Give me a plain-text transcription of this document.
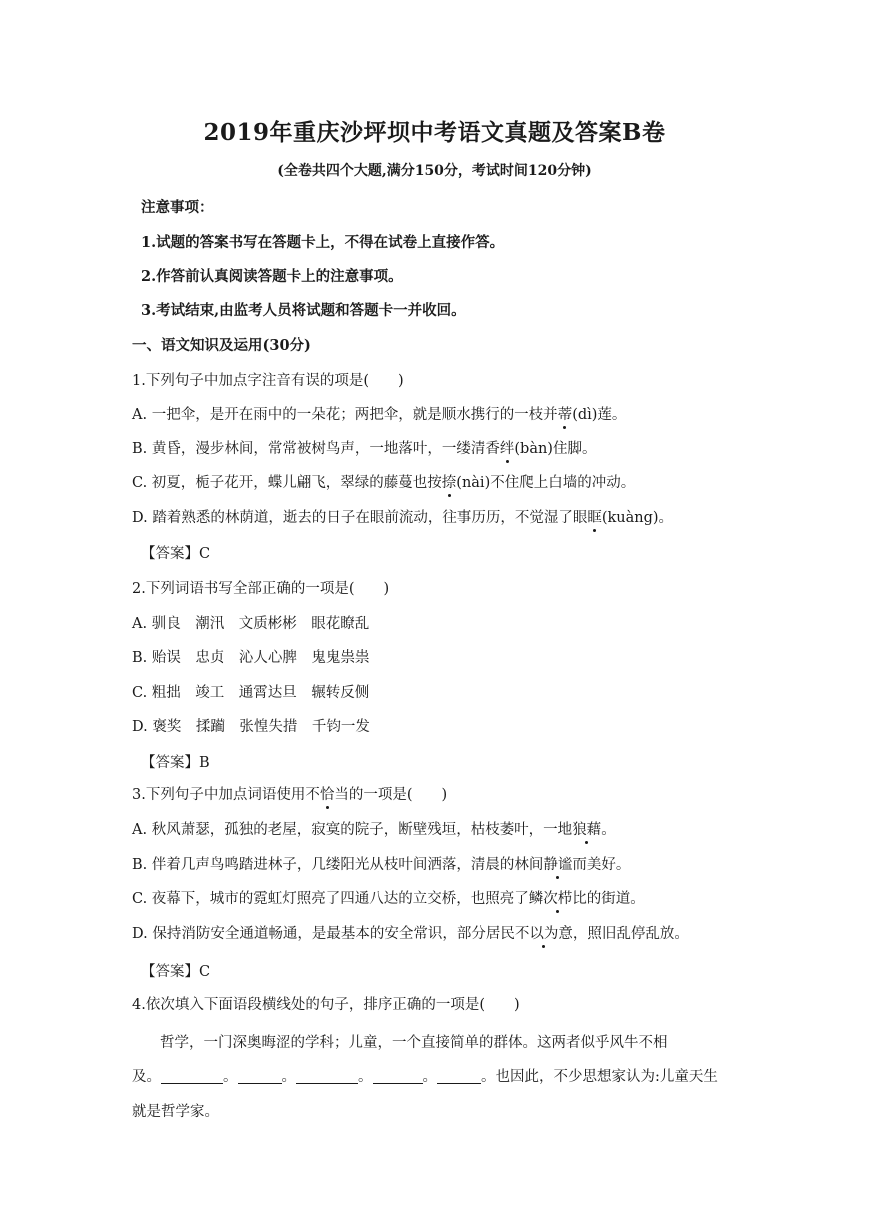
2019年重庆沙坪坝中考语文真题及答案B卷
(全卷共四个大题,满分150分，考试时间120分钟)
注意事项：
1.试题的答案书写在答题卡上，不得在试卷上直接作答。
2.作答前认真阅读答题卡上的注意事项。
3.考试结束,由监考人员将试题和答题卡一并收回。
一、语文知识及运用(30分)
1.下列句子中加点字注音有误的项是(　　)
A. 一把伞，是开在雨中的一朵花；两把伞，就是顺水携行的一枝并蒂(dì)莲。
B. 黄昏，漫步林间，常常被树鸟声，一地落叶，一缕清香绊(bàn)住脚。
C. 初夏，栀子花开，蝶儿翩飞，翠绿的藤蔓也按捺(nài)不住爬上白墙的冲动。
D. 踏着熟悉的林荫道，逝去的日子在眼前流动，往事历历，不觉湿了眼眶(kuàng)。
【答案】C
2.下列词语书写全部正确的一项是(　　)
A. 驯良　潮汛　文质彬彬　眼花瞭乱
B. 贻误　忠贞　沁人心脾　鬼鬼祟祟
C. 粗拙　竣工　通霄达旦　辗转反侧
D. 褒奖　揉躏　张惶失措　千钧一发
【答案】B
3.下列句子中加点词语使用不恰当的一项是(　　)
A. 秋风萧瑟，孤独的老屋，寂寞的院子，断壁残垣，枯枝萎叶，一地狼藉。
B. 伴着几声鸟鸣踏进林子，几缕阳光从枝叶间洒落，清晨的林间静谧而美好。
C. 夜幕下，城市的霓虹灯照亮了四通八达的立交桥，也照亮了鳞次栉比的街道。
D. 保持消防安全通道畅通，是最基本的安全常识，部分居民不以为意，照旧乱停乱放。
【答案】C
4.依次填入下面语段横线处的句子，排序正确的一项是(　　)
哲学，一门深奥晦涩的学科；儿童，一个直接简单的群体。这两者似乎风牛不相
及。	。	。	。	。	。也因此，不少思想家认为:儿童天生
就是哲学家。
